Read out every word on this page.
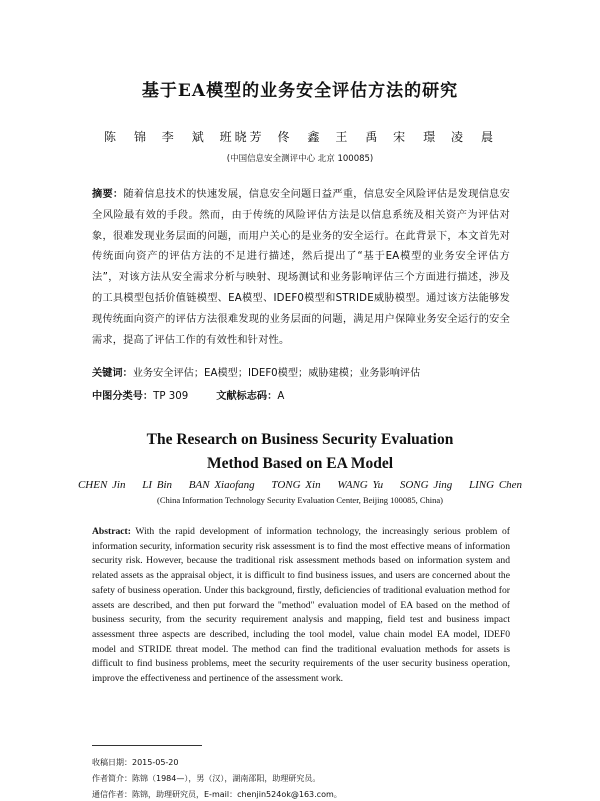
基于EA模型的业务安全评估方法的研究
陈　锦 李　斌 班晓芳 佟　鑫 王　禹 宋　璟 凌　晨
(中国信息安全测评中心 北京 100085)
摘要：随着信息技术的快速发展，信息安全问题日益严重，信息安全风险评估是发现信息安全风险最有效的手段。然而，由于传统的风险评估方法是以信息系统及相关资产为评估对象，很难发现业务层面的问题，而用户关心的是业务的安全运行。在此背景下，本文首先对传统面向资产的评估方法的不足进行描述，然后提出了“基于EA模型的业务安全评估方法”，对该方法从安全需求分析与映射、现场测试和业务影响评估三个方面进行描述，涉及的工具模型包括价值链模型、EA模型、IDEF0模型和STRIDE威胁模型。通过该方法能够发现传统面向资产的评估方法很难发现的业务层面的问题，满足用户保障业务安全运行的安全需求，提高了评估工作的有效性和针对性。
关键词：业务安全评估；EA模型；IDEF0模型；威胁建模；业务影响评估
中图分类号：TP 309	文献标志码：A
The Research on Business Security Evaluation
Method Based on EA Model
CHEN Jin LI Bin BAN Xiaofang TONG Xin WANG Yu SONG Jing LING Chen
(China Information Technology Security Evaluation Center, Beijing 100085, China)
Abstract: With the rapid development of information technology, the increasingly serious problem of information security, information security risk assessment is to find the most effective means of information security risk. However, because the traditional risk assessment methods based on information system and related assets as the appraisal object, it is difficult to find business issues, and users are concerned about the safety of business operation. Under this background, firstly, deficiencies of traditional evaluation method for assets are described, and then put forward the "method" evaluation model of EA based on the method of business security, from the security requirement analysis and mapping, field test and business impact assessment three aspects are described, including the tool model, value chain model EA model, IDEF0 model and STRIDE threat model. The method can find the traditional evaluation methods for assets is difficult to find business problems, meet the security requirements of the user security business operation, improve the effectiveness and pertinence of the assessment work.
收稿日期：2015-05-20
作者简介：陈锦（1984—），男（汉），湖南邵阳，助理研究员。
通信作者：陈锦，助理研究员，E-mail：chenjin524ok@163.com。
